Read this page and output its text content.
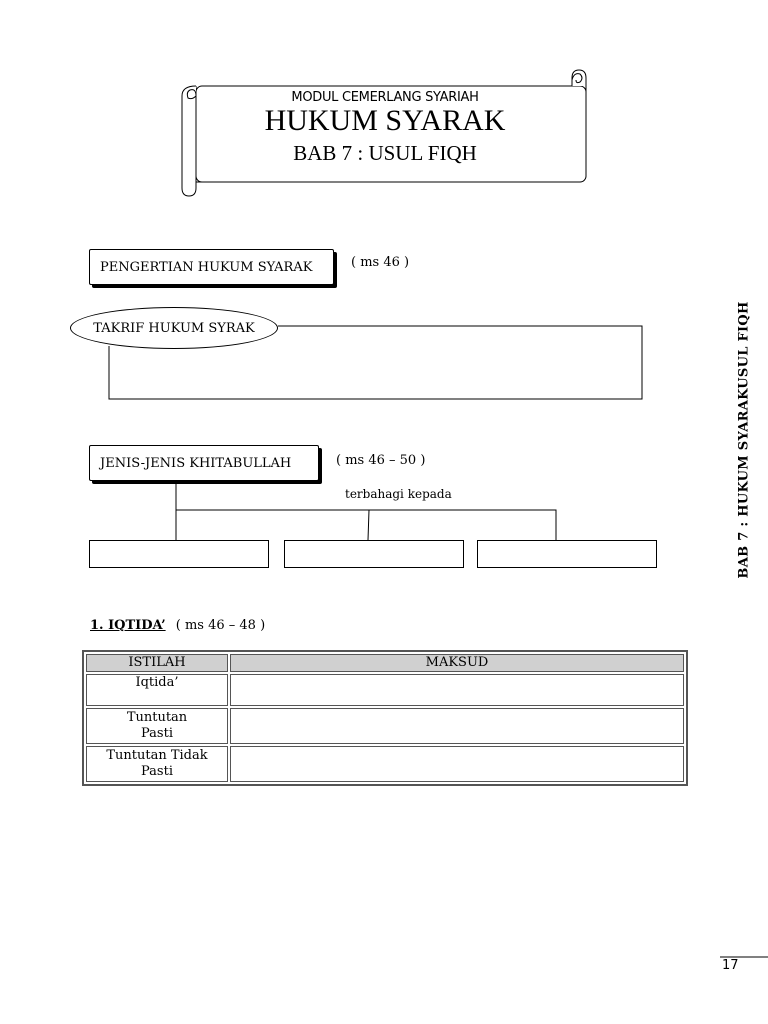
MODUL CEMERLANG SYARIAH
HUKUM SYARAK
BAB 7 : USUL FIQH
PENGERTIAN HUKUM SYARAK	( ms 46 )
TAKRIF HUKUM SYRAK
JENIS-JENIS KHITABULLAH	( ms 46 – 50 )
terbahagi kepada
1. IQTIDA’ ( ms 46 – 48 )
ISTILAH	MAKSUD

Iqtida’	

Tuntutan
Pasti	

Tuntutan Tidak
Pasti	

BAB 7 : HUKUM SYARAKUSUL FIQH
17
